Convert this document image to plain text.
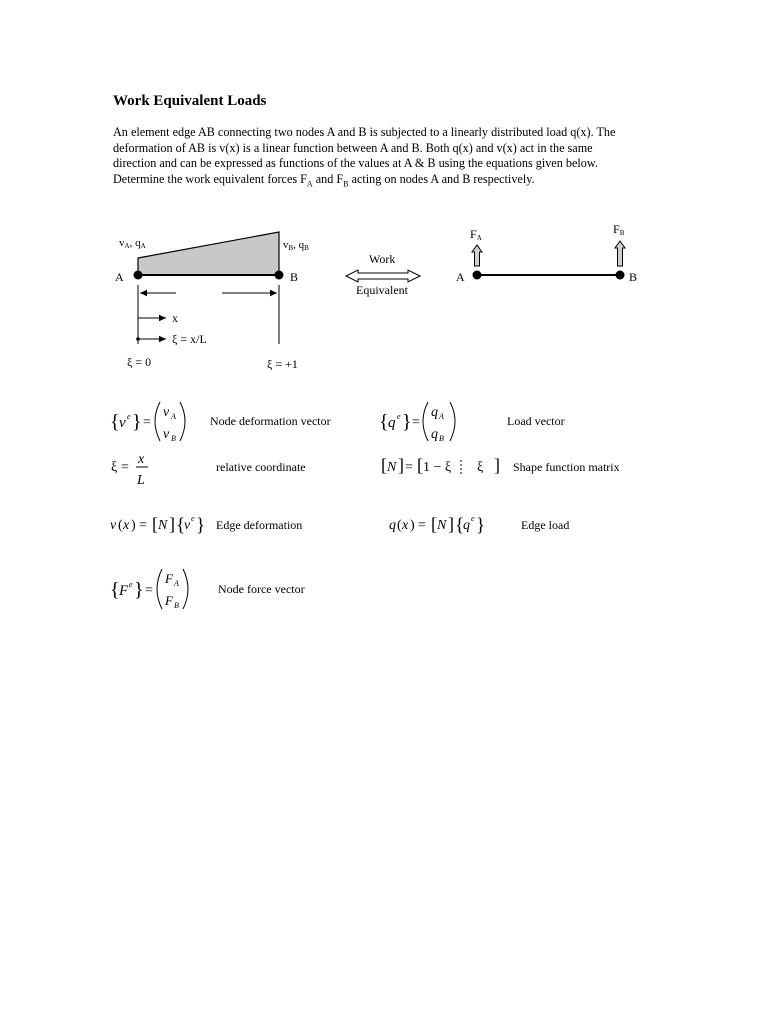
Work Equivalent Loads
An element edge AB connecting two nodes A and B is subjected to a linearly distributed load q(x). The
deformation of AB is v(x) is a linear function between A and B. Both q(x) and v(x) act in the same
direction and can be expressed as functions of the values at A & B using the equations given below.
Determine the work equivalent forces $F_A$ and $F_B$ acting on nodes A and B respectively.
vA, qA	vB, qB
A	B
x
ξ = x/L
ξ = 0	ξ = +1
Work
Equivalent
A	B
FA
FB
{ v e } =
v A
v B
Node deformation vector { q e } =
q A
q B
Load vector
ξ =
x
L
relative coordinate	[ N ] = [ 1 − ξ ξ ] Shape function matrix
v ( x ) = [ N ] {
v e } Edge deformation	q ( x ) = [ N ] {
q e }	Edge load
{ F e } =
F A
F B
Node force vector
